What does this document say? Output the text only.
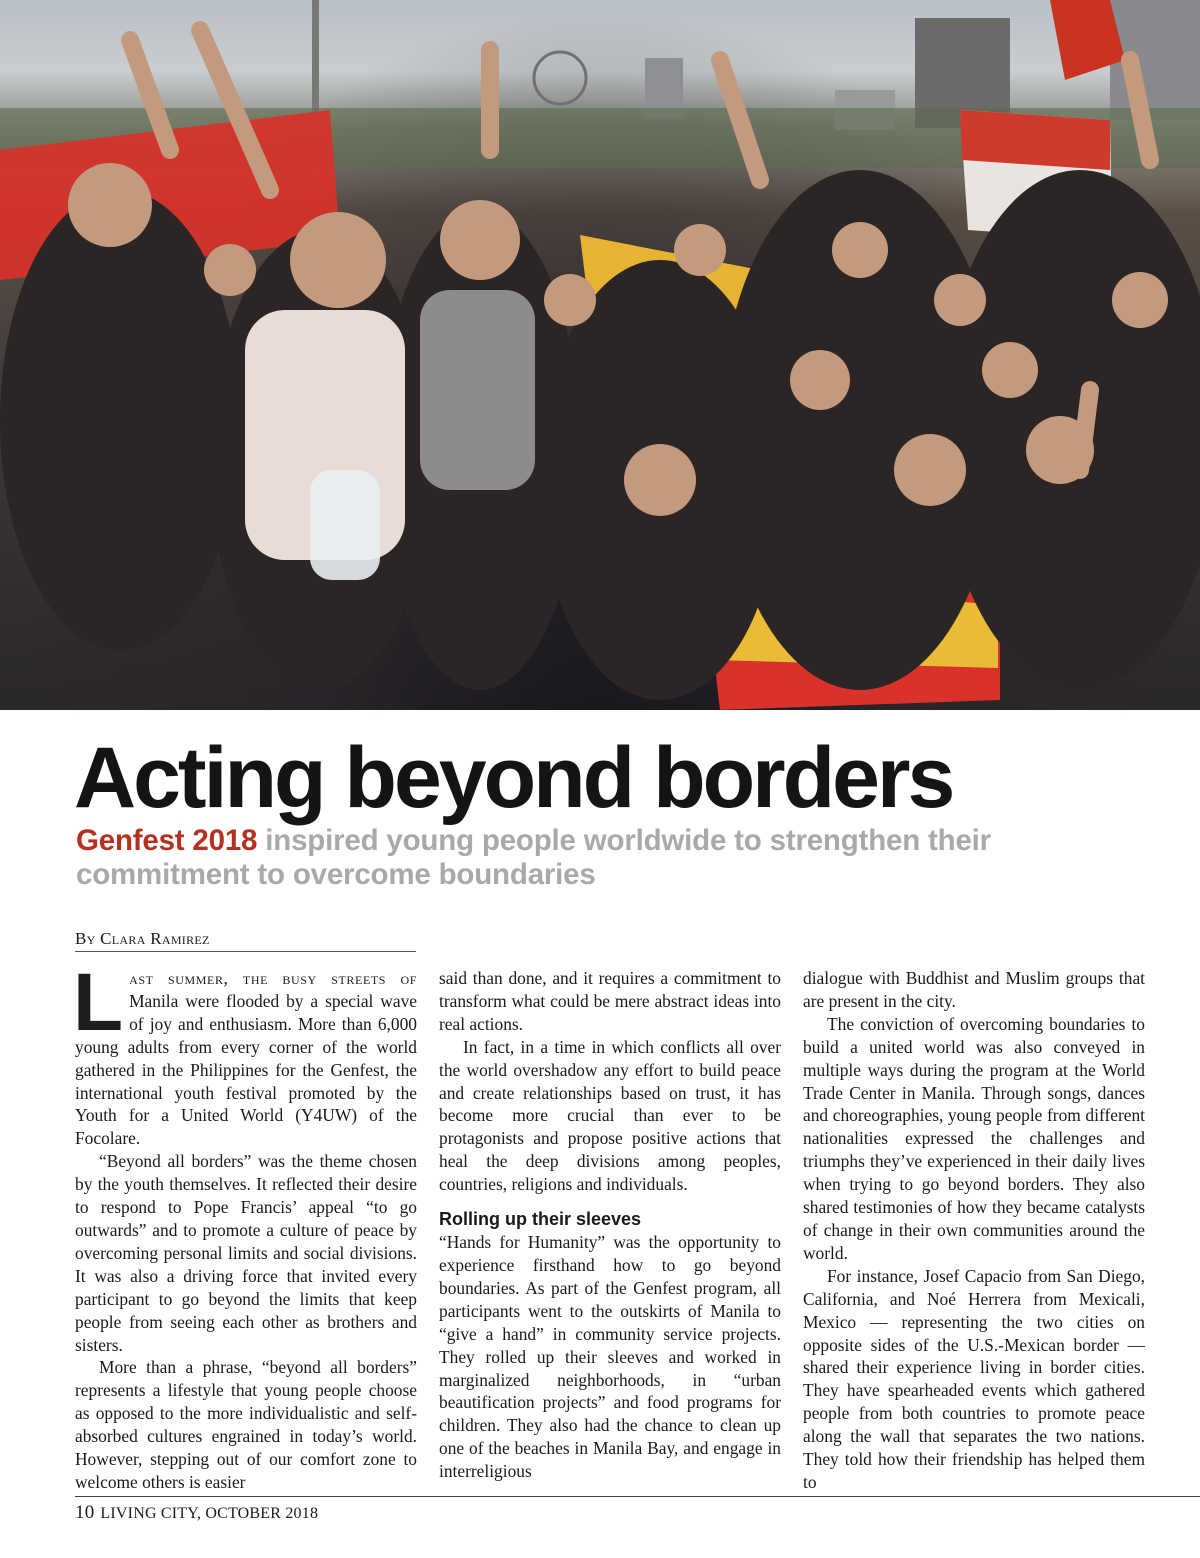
Acting beyond borders

Genfest 2018 inspired young people worldwide to strengthen their commitment to overcome boundaries

By Clara Ramirez

Last summer, the busy streets of Manila were flooded by a special wave of joy and enthusiasm. More than 6,000 young adults from every corner of the world gathered in the Philippines for the Genfest, the international youth festival promoted by the Youth for a United World (Y4UW) of the Focolare.

“Beyond all borders” was the theme chosen by the youth themselves. It reflected their desire to respond to Pope Francis’ appeal “to go outwards” and to promote a culture of peace by overcoming personal limits and social divisions. It was also a driving force that invited every participant to go beyond the limits that keep people from seeing each other as brothers and sisters.

More than a phrase, “beyond all borders” represents a lifestyle that young people choose as opposed to the more individualistic and self-absorbed cultures engrained in today’s world. However, stepping out of our comfort zone to welcome others is easier

said than done, and it requires a commitment to transform what could be mere abstract ideas into real actions.

In fact, in a time in which conflicts all over the world overshadow any effort to build peace and create relationships based on trust, it has become more crucial than ever to be protagonists and propose positive actions that heal the deep divisions among peoples, countries, religions and individuals.

Rolling up their sleeves

“Hands for Humanity” was the opportunity to experience firsthand how to go beyond boundaries. As part of the Genfest program, all participants went to the outskirts of Manila to “give a hand” in community service projects. They rolled up their sleeves and worked in marginalized neighborhoods, in “urban beautification projects” and food programs for children. They also had the chance to clean up one of the beaches in Manila Bay, and engage in interreligious

dialogue with Buddhist and Muslim groups that are present in the city.

The conviction of overcoming boundaries to build a united world was also conveyed in multiple ways during the program at the World Trade Center in Manila. Through songs, dances and choreographies, young people from different nationalities expressed the challenges and triumphs they’ve experienced in their daily lives when trying to go beyond borders. They also shared testimonies of how they became catalysts of change in their own communities around the world.

For instance, Josef Capacio from San Diego, California, and Noé Herrera from Mexicali, Mexico — representing the two cities on opposite sides of the U.S.-Mexican border — shared their experience living in border cities. They have spearheaded events which gathered people from both countries to promote peace along the wall that separates the two nations. They told how their friendship has helped them to

10 LIVING CITY, OCTOBER 2018
